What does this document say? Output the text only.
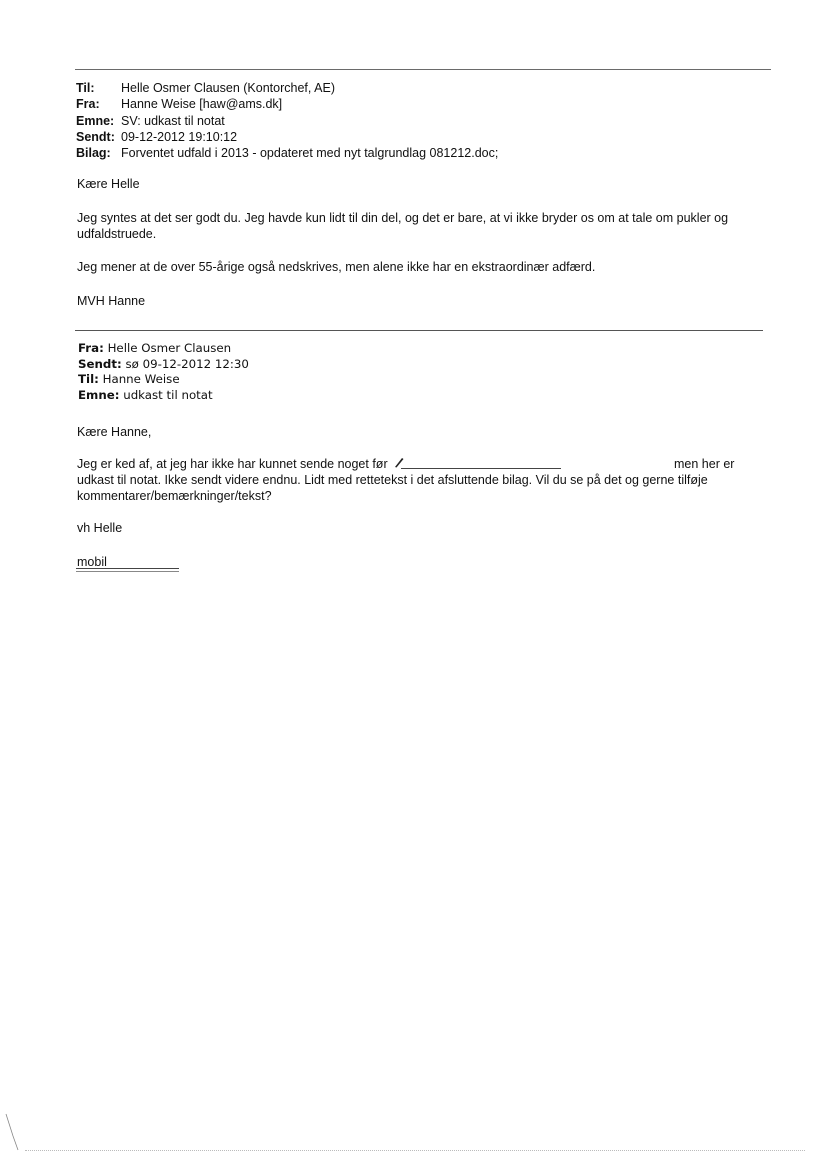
Til:	Helle Osmer Clausen (Kontorchef, AE)
Fra:	Hanne Weise [haw@ams.dk]
Emne: SV: udkast til notat
Sendt: 09-12-2012 19:10:12
Bilag: Forventet udfald i 2013 - opdateret med nyt talgrundlag 081212.doc;
Kære Helle
Jeg syntes at det ser godt du. Jeg havde kun lidt til din del, og det er bare, at vi ikke bryder os om at tale om pukler og
udfaldstruede.
Jeg mener at de over 55-årige også nedskrives, men alene ikke har en ekstraordinær adfærd.
MVH Hanne
Fra: Helle Osmer Clausen
Sendt: sø 09-12-2012 12:30
Til: Hanne Weise
Emne: udkast til notat
Kære Hanne,
Jeg er ked af, at jeg har ikke har kunnet sende noget før	men her er
udkast til notat. Ikke sendt videre endnu. Lidt med rettetekst i det afsluttende bilag. Vil du se på det og gerne tilføje
kommentarer/bemærkninger/tekst?
vh Helle
mobil
